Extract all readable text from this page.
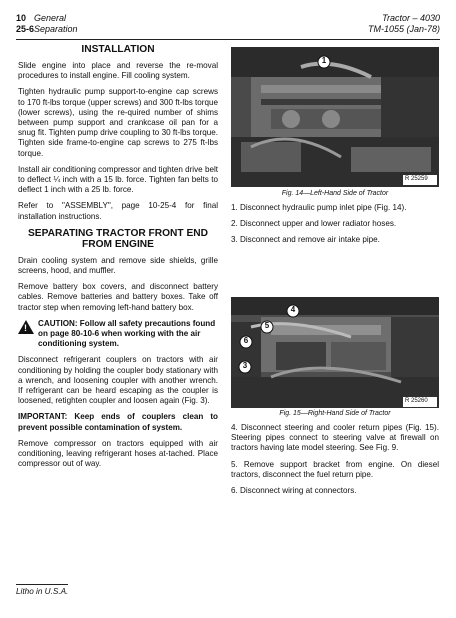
10 General
25-6Separation
Tractor – 4030
TM-1055 (Jan-78)
INSTALLATION

Slide engine into place and reverse the re-moval procedures to install engine. Fill cooling system.

Tighten hydraulic pump support-to-engine cap screws to 170 ft-lbs torque (upper screws) and 300 ft-lbs torque (lower screws), using the re-quired number of shims between pump support and crankcase oil pan for a snug fit. Tighten pump drive coupling to 30 ft-lbs torque. Tighten side frame-to-engine cap screws to 275 ft-lbs torque.

Install air conditioning compressor and tighten drive belt to deflect ¼ inch with a 15 lb. force. Tighten fan belts to deflect 1 inch with a 25 lb. force.

Refer to "ASSEMBLY", page 10-25-4 for final installation instructions.

SEPARATING TRACTOR FRONT END FROM ENGINE

Drain cooling system and remove side shields, grille screens, hood, and muffler.

Remove battery box covers, and disconnect battery cables. Remove batteries and battery boxes. Take off tractor step when removing left-hand battery box.

! CAUTION: Follow all safety precautions found on page 80-10-6 when working with the air conditioning system.

Disconnect refrigerant couplers on tractors with air conditioning by holding the coupler body stationary with a wrench, and loosening coupler with another wrench. If refrigerant can be heard escaping as the coupler is loosened, retighten coupler and loosen again (Fig. 3).

IMPORTANT: Keep ends of couplers clean to prevent possible contamination of system.

Remove compressor on tractors equipped with air conditioning, leaving refrigerant hoses at-tached. Place compressor out of way.

1
R 25259
Fig. 14—Left-Hand Side of Tractor

1. Disconnect hydraulic pump inlet pipe (Fig. 14).

2. Disconnect upper and lower radiator hoses.

3. Disconnect and remove air intake pipe.

4
5
6
3
R 25260
Fig. 15—Right-Hand Side of Tractor

4. Disconnect steering and cooler return pipes (Fig. 15). Steering pipes connect to steering valve at firewall on tractors having late model steering. See Fig. 9.

5. Remove support bracket from engine. On diesel tractors, disconnect the fuel return pipe.

6. Disconnect wiring at connectors.

Litho in U.S.A.
